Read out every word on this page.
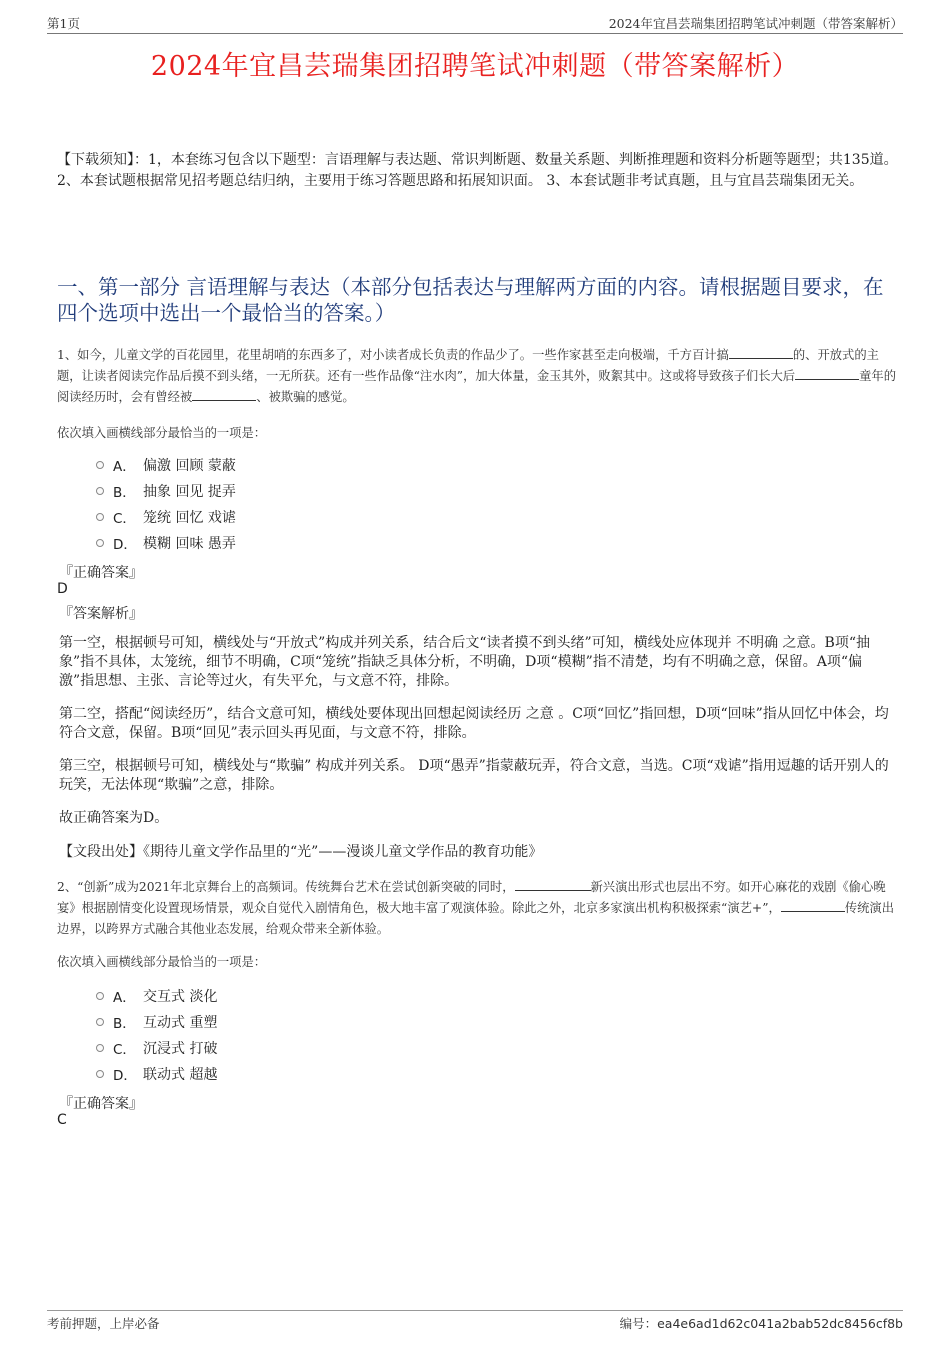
第1页	2024年宜昌芸瑞集团招聘笔试冲刺题（带答案解析）
2024年宜昌芸瑞集团招聘笔试冲刺题（带答案解析）
【下载须知】：1，本套练习包含以下题型：言语理解与表达题、常识判断题、数量关系题、判断推理题和资料分析题等题型；共135道。 2、本套试题根据常见招考题总结归纳，主要用于练习答题思路和拓展知识面。 3、本套试题非考试真题，且与宜昌芸瑞集团无关。
一、第一部分 言语理解与表达（本部分包括表达与理解两方面的内容。请根据题目要求，在四个选项中选出一个最恰当的答案。）
1、如今，儿童文学的百花园里，花里胡哨的东西多了，对小读者成长负责的作品少了。一些作家甚至走向极端，千方百计搞	的、开放式的主题，让读者阅读完作品后摸不到头绪，一无所获。还有一些作品像“注水肉”，加大体量，金玉其外，败絮其中。这或将导致孩子们长大后	童年的阅读经历时，会有曾经被	、被欺骗的感觉。
依次填入画横线部分最恰当的一项是：
A． 偏激 回顾 蒙蔽
B． 抽象 回见 捉弄
C． 笼统 回忆 戏谑
D． 模糊 回味 愚弄
『正确答案』
D
『答案解析』
第一空，根据顿号可知，横线处与“开放式”构成并列关系，结合后文“读者摸不到头绪”可知，横线处应体现并 不明确 之意。B项“抽象”指不具体，太笼统，细节不明确，C项“笼统”指缺乏具体分析，不明确，D项“模糊”指不清楚，均有不明确之意，保留。A项“偏激”指思想、主张、言论等过火，有失平允，与文意不符，排除。
第二空，搭配“阅读经历”，结合文意可知，横线处要体现出回想起阅读经历 之意 。C项“回忆”指回想，D项“回味”指从回忆中体会，均符合文意，保留。B项“回见”表示回头再见面，与文意不符，排除。
第三空，根据顿号可知，横线处与“欺骗” 构成并列关系。 D项“愚弄”指蒙蔽玩弄，符合文意，当选。C项“戏谑”指用逗趣的话开别人的玩笑，无法体现“欺骗”之意，排除。
故正确答案为D。
【文段出处】《期待儿童文学作品里的“光”——漫谈儿童文学作品的教育功能》
2、“创新”成为2021年北京舞台上的高频词。传统舞台艺术在尝试创新突破的同时，	新兴演出形式也层出不穷。如开心麻花的戏剧《偷心晚宴》根据剧情变化设置现场情景，观众自觉代入剧情角色，极大地丰富了观演体验。除此之外，北京多家演出机构积极探索“演艺+”，	传统演出边界，以跨界方式融合其他业态发展，给观众带来全新体验。
依次填入画横线部分最恰当的一项是：
A． 交互式 淡化
B． 互动式 重塑
C． 沉浸式 打破
D． 联动式 超越
『正确答案』
C
考前押题，上岸必备	编号：ea4e6ad1d62c041a2bab52dc8456cf8b
